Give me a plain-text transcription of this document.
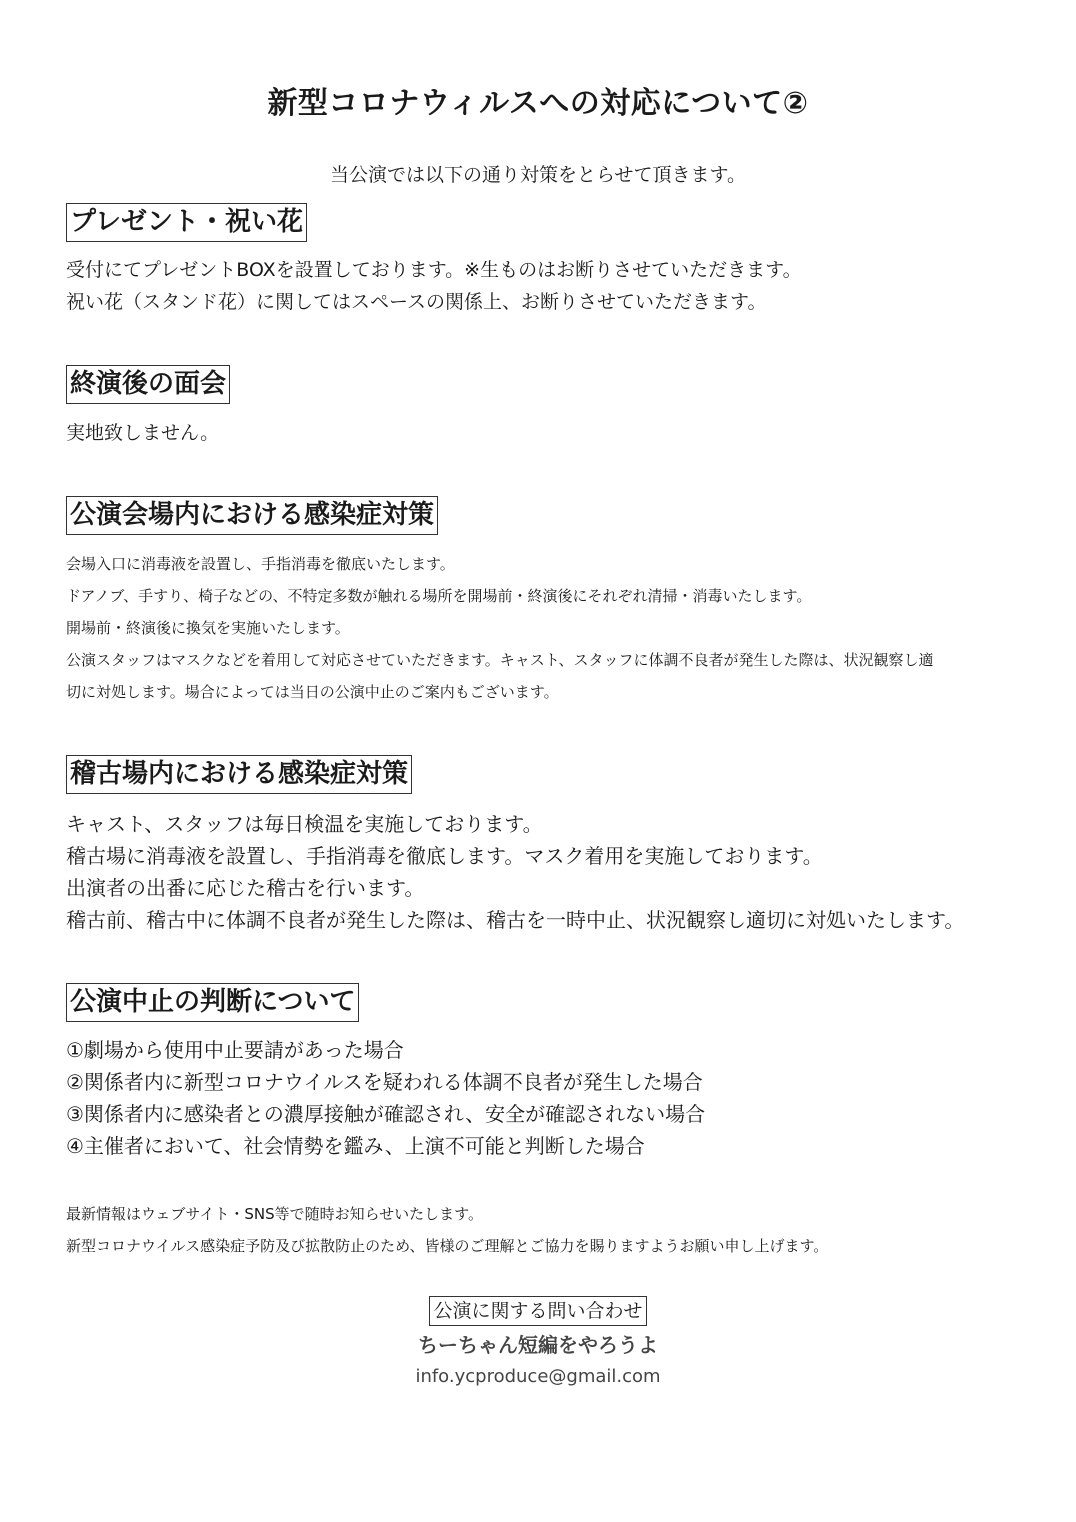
新型コロナウィルスへの対応について②
当公演では以下の通り対策をとらせて頂きます。
プレゼント・祝い花

受付にてプレゼントBOXを設置しております。※生ものはお断りさせていただきます。

祝い花（スタンド花）に関してはスペースの関係上、お断りさせていただきます。

終演後の面会

実地致しません。

公演会場内における感染症対策

会場入口に消毒液を設置し、手指消毒を徹底いたします。

ドアノブ、手すり、椅子などの、不特定多数が触れる場所を開場前・終演後にそれぞれ清掃・消毒いたします。

開場前・終演後に換気を実施いたします。

公演スタッフはマスクなどを着用して対応させていただきます。キャスト、スタッフに体調不良者が発生した際は、状況観察し適

切に対処します。場合によっては当日の公演中止のご案内もございます。

稽古場内における感染症対策

キャスト、スタッフは毎日検温を実施しております。

稽古場に消毒液を設置し、手指消毒を徹底します。マスク着用を実施しております。

出演者の出番に応じた稽古を行います。

稽古前、稽古中に体調不良者が発生した際は、稽古を一時中止、状況観察し適切に対処いたします。

公演中止の判断について

①劇場から使用中止要請があった場合

②関係者内に新型コロナウイルスを疑われる体調不良者が発生した場合

③関係者内に感染者との濃厚接触が確認され、安全が確認されない場合

④主催者において、社会情勢を鑑み、上演不可能と判断した場合

最新情報はウェブサイト・SNS等で随時お知らせいたします。

新型コロナウイルス感染症予防及び拡散防止のため、皆様のご理解とご協力を賜りますようお願い申し上げます。

公演に関する問い合わせ
ちーちゃん短編をやろうよ
info.ycproduce@gmail.com
